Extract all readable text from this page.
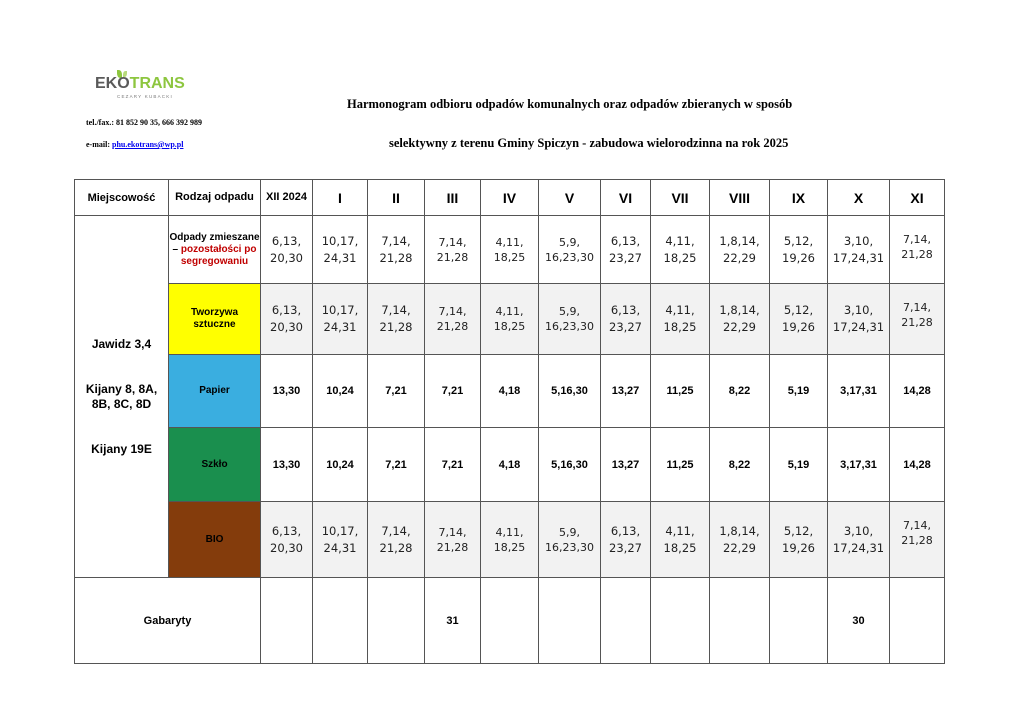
EKOTRANS
CEZARY KUBACKI
tel./fax.: 81 852 90 35, 666 392 989
e-mail: phu.ekotrans@wp.pl
Harmonogram odbioru odpadów komunalnych oraz odpadów zbieranych w sposób
selektywny z terenu Gminy Spiczyn - zabudowa wielorodzinna na rok 2025
Miejscowość	Rodzaj odpadu	XII 2024	I	II	III	IV	V	VI	VII	VIII	IX	X	XI

Jawidz 3,4
Kijany 8, 8A, 8B, 8C, 8D
Kijany 19E	Odpady zmieszane – pozostałości po segregowaniu	6,13, 20,30	10,17, 24,31	7,14, 21,28	7,14, 21,28	4,11, 18,25	5,9, 16,23,30	6,13, 23,27	4,11, 18,25	1,8,14, 22,29	5,12, 19,26	3,10, 17,24,31	7,14, 21,28
	Tworzywa sztuczne	6,13, 20,30	10,17, 24,31	7,14, 21,28	7,14, 21,28	4,11, 18,25	5,9, 16,23,30	6,13, 23,27	4,11, 18,25	1,8,14, 22,29	5,12, 19,26	3,10, 17,24,31	7,14, 21,28
	Papier	13,30	10,24	7,21	7,21	4,18	5,16,30	13,27	11,25	8,22	5,19	3,17,31	14,28
	Szkło	13,30	10,24	7,21	7,21	4,18	5,16,30	13,27	11,25	8,22	5,19	3,17,31	14,28
	BIO	6,13, 20,30	10,17, 24,31	7,14, 21,28	7,14, 21,28	4,11, 18,25	5,9, 16,23,30	6,13, 23,27	4,11, 18,25	1,8,14, 22,29	5,12, 19,26	3,10, 17,24,31	7,14, 21,28
Gabaryty					31							30	
